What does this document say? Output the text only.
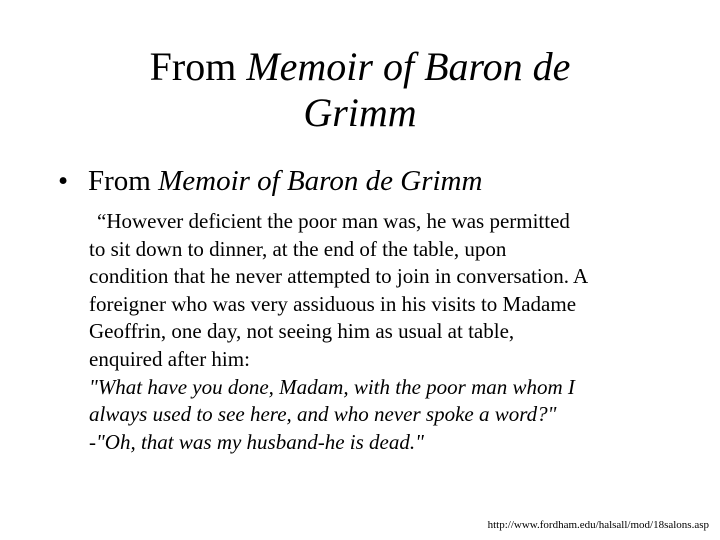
From Memoir of Baron de
Grimm
• From Memoir of Baron de Grimm
“However deficient the poor man was, he was permitted
to sit down to dinner, at the end of the table, upon
condition that he never attempted to join in conversation. A
foreigner who was very assiduous in his visits to Madame
Geoffrin, one day, not seeing him as usual at table,
enquired after him:
"What have you done, Madam, with the poor man whom I
always used to see here, and who never spoke a word?"
-"Oh, that was my husband-he is dead."
http://www.fordham.edu/halsall/mod/18salons.asp
